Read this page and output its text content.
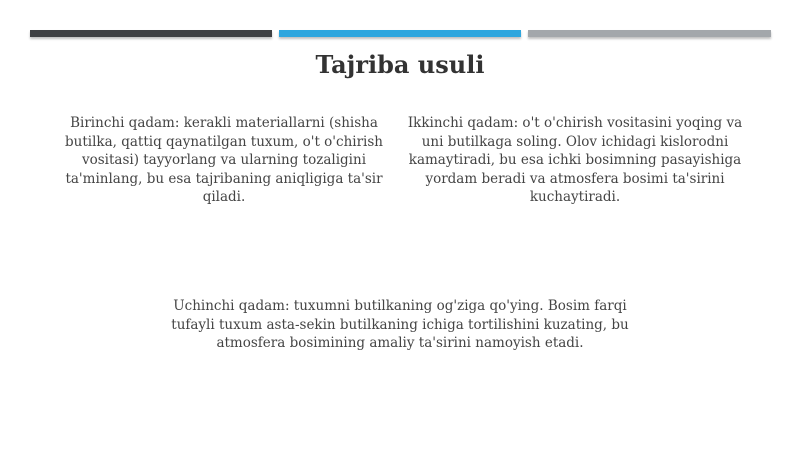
Tajriba usuli
Birinchi qadam: kerakli materiallarni (shisha butilka, qattiq qaynatilgan tuxum, o't o'chirish vositasi) tayyorlang va ularning tozaligini ta'minlang, bu esa tajribaning aniqligiga ta'sir qiladi.
Ikkinchi qadam: o't o'chirish vositasini yoqing va uni butilkaga soling. Olov ichidagi kislorodni kamaytiradi, bu esa ichki bosimning pasayishiga yordam beradi va atmosfera bosimi ta'sirini kuchaytiradi.
Uchinchi qadam: tuxumni butilkaning og'ziga qo'ying. Bosim farqi tufayli tuxum asta-sekin butilkaning ichiga tortilishini kuzating, bu atmosfera bosimining amaliy ta'sirini namoyish etadi.
